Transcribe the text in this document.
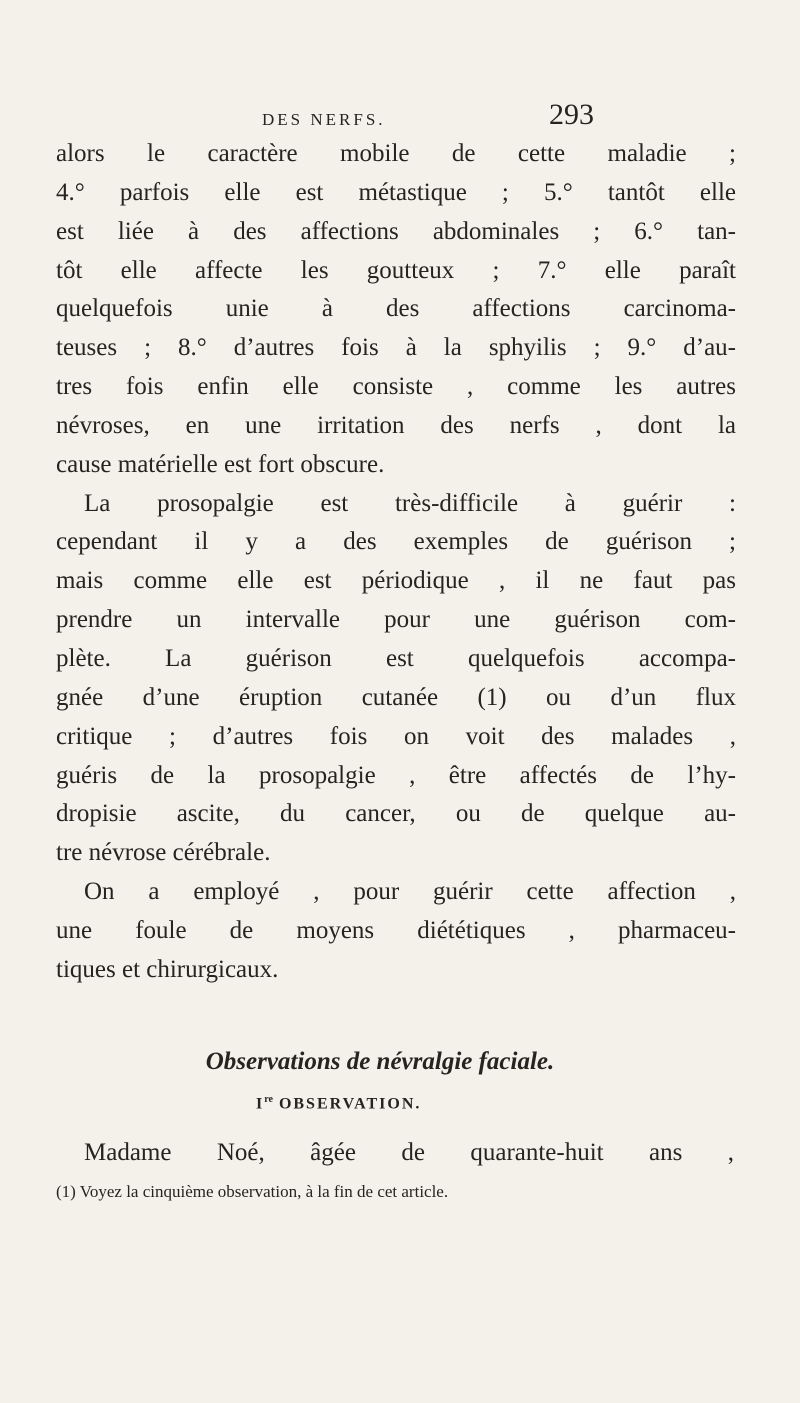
DES NERFS.	293
alors le caractère mobile de cette maladie ;
4.° parfois elle est métastique ; 5.° tantôt elle
est liée à des affections abdominales ; 6.° tan-
tôt elle affecte les goutteux ; 7.° elle paraît
quelquefois unie à des affections carcinoma-
teuses ; 8.° d’autres fois à la sphyilis ; 9.° d’au-
tres fois enfin elle consiste , comme les autres
névroses, en une irritation des nerfs , dont la
cause matérielle est fort obscure.
La prosopalgie est très-difficile à guérir :
cependant il y a des exemples de guérison ;
mais comme elle est périodique , il ne faut pas
prendre un intervalle pour une guérison com-
plète. La guérison est quelquefois accompa-
gnée d’une éruption cutanée (1) ou d’un flux
critique ; d’autres fois on voit des malades ,
guéris de la prosopalgie , être affectés de l’hy-
dropisie ascite, du cancer, ou de quelque au-
tre névrose cérébrale.
On a employé , pour guérir cette affection ,
une foule de moyens diététiques , pharmaceu-
tiques et chirurgicaux.
Observations de névralgie faciale.
Ire OBSERVATION.
Madame Noé, âgée de quarante-huit ans ,
(1) Voyez la cinquième observation, à la fin de cet article.
